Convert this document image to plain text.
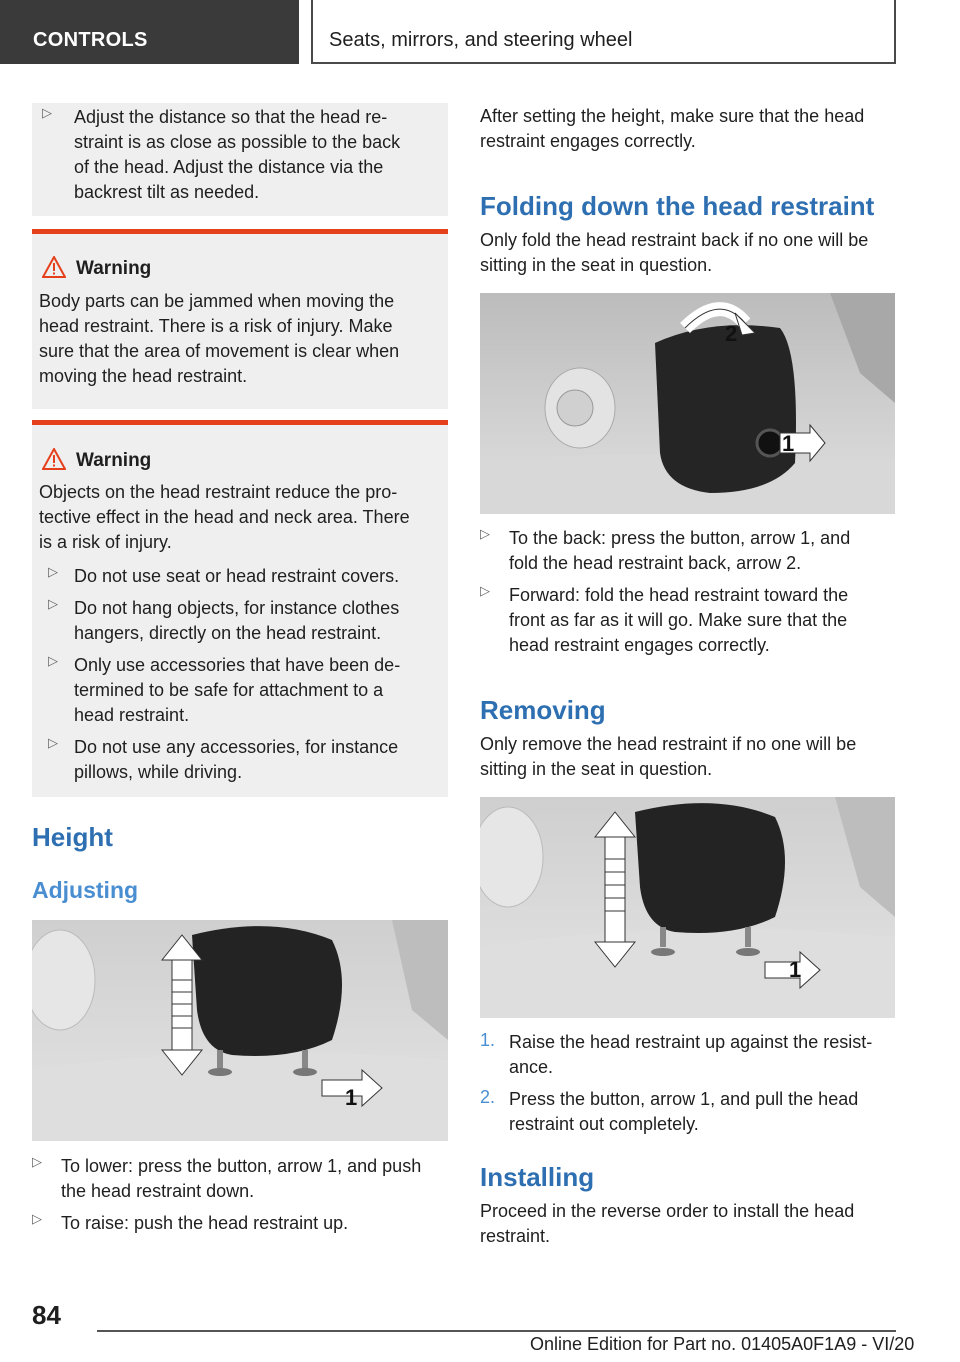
CONTROLS	Seats, mirrors, and steering wheel
▷ Adjust the distance so that the head re-
straint is as close as possible to the back
of the head. Adjust the distance via the
backrest tilt as needed.
Warning
Body parts can be jammed when moving the
head restraint. There is a risk of injury. Make
sure that the area of movement is clear when
moving the head restraint.
Warning
Objects on the head restraint reduce the pro-
tective effect in the head and neck area. There
is a risk of injury.
▷ Do not use seat or head restraint covers.
▷ Do not hang objects, for instance clothes
hangers, directly on the head restraint.
▷ Only use accessories that have been de-
termined to be safe for attachment to a
head restraint.
▷ Do not use any accessories, for instance
pillows, while driving.
Height
Adjusting
1
▷ To lower: press the button, arrow 1, and push
the head restraint down.
▷ To raise: push the head restraint up.
After setting the height, make sure that the head
restraint engages correctly.
Folding down the head restraint
Only fold the head restraint back if no one will be
sitting in the seat in question.
2
1
▷ To the back: press the button, arrow 1, and
fold the head restraint back, arrow 2.
▷ Forward: fold the head restraint toward the
front as far as it will go. Make sure that the
head restraint engages correctly.
Removing
Only remove the head restraint if no one will be
sitting in the seat in question.
1
1. Raise the head restraint up against the resist-
ance.
2. Press the button, arrow 1, and pull the head
restraint out completely.
Installing
Proceed in the reverse order to install the head
restraint.
84
Online Edition for Part no. 01405A0F1A9 - VI/20
